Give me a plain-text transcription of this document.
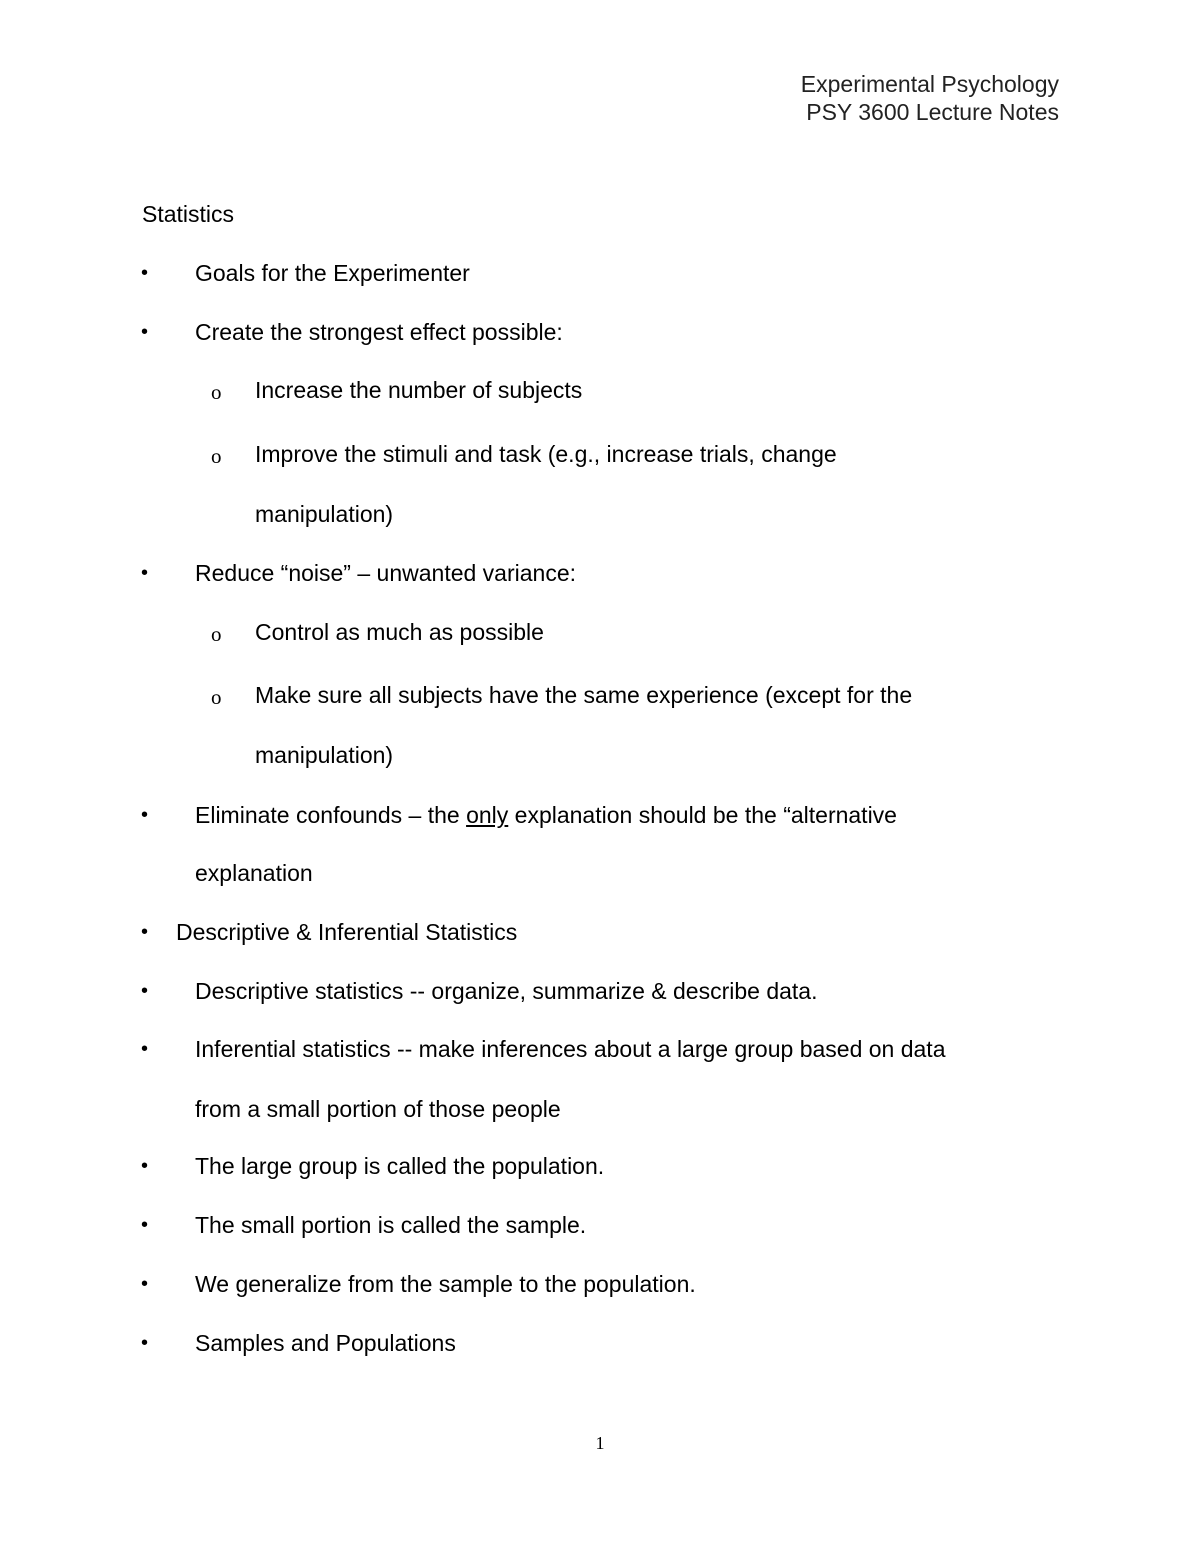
Experimental Psychology
PSY 3600 Lecture Notes
Statistics
• Goals for the Experimenter
• Create the strongest effect possible:
o Increase the number of subjects
o Improve the stimuli and task (e.g., increase trials, change
manipulation)
• Reduce “noise” – unwanted variance:
o Control as much as possible
o Make sure all subjects have the same experience (except for the
manipulation)
• Eliminate confounds – the only explanation should be the “alternative
explanation
• Descriptive & Inferential Statistics
• Descriptive statistics -- organize, summarize & describe data.
• Inferential statistics -- make inferences about a large group based on data
from a small portion of those people
• The large group is called the population.
• The small portion is called the sample.
• We generalize from the sample to the population.
• Samples and Populations
1
